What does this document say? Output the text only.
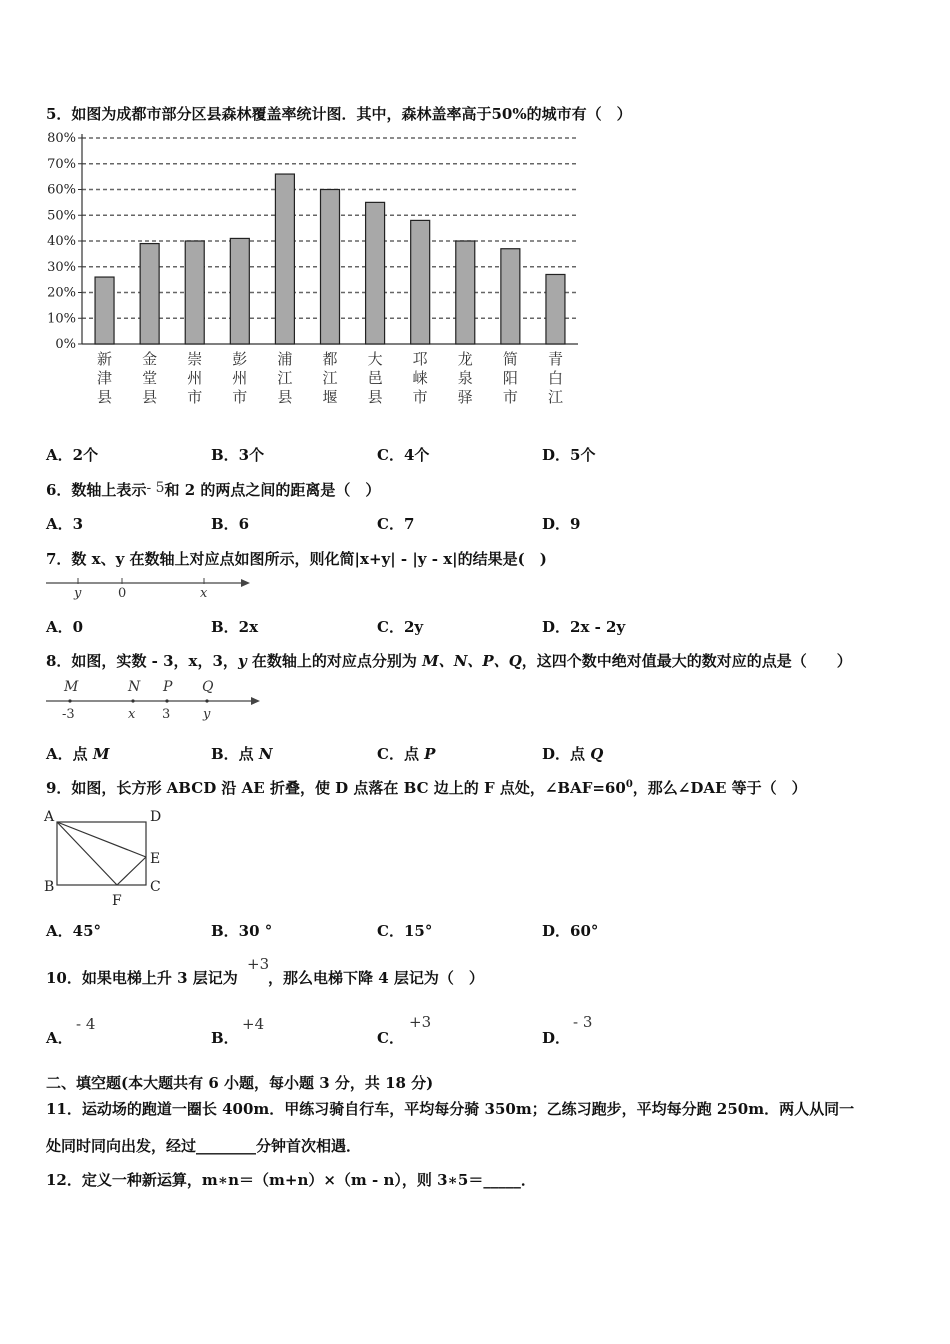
5．如图为成都市部分区县森林覆盖率统计图．其中，森林盖率高于50%的城市有（　）
80%
70%
60%
50%
40%
30%
20%
10%
0%
新
津
县
金
堂
县
崇
州
市
彭
州
市
浦
江
县
都
江
堰
大
邑
县
邛
崃
市
龙
泉
驿
简
阳
市
青
白
江
A．2个	B．3个	C．4个	D．5个
6．数轴上表示- 5和 2 的两点之间的距离是（　）
A．3	B．6	C．7	D．9
7．数 x、y 在数轴上对应点如图所示，则化简|x+y| - |y - x|的结果是(　)
y	0	x
A．0	B．2x	C．2y	D．2x - 2y
8．如图，实数 - 3，x，3，y 在数轴上的对应点分别为 M、N、P、Q，这四个数中绝对值最大的数对应的点是（　　）
M	N P Q
-3	x 3	y
A．点 M	B．点 N	C．点 P	D．点 Q
9．如图，长方形 ABCD 沿 AE 折叠，使 D 点落在 BC 边上的 F 点处，$\angle BAF=60^0$，那么∠DAE 等于（　）
A	D
E
B
F
C
A．45°	B．30 °	C．15°	D．60°
10．如果电梯上升 3 层记为
+3
，那么电梯下降 4 层记为（　）
A．
- 4
B．
+4
C．
+3
D．
- 3
二、填空题(本大题共有 6 小题，每小题 3 分，共 18 分)
11．运动场的跑道一圈长 400m．甲练习骑自行车，平均每分骑 350m；乙练习跑步，平均每分跑 250m．两人从同一
处同时同向出发，经过________分钟首次相遇．
12．定义一种新运算，m∗n＝（m+n）×（m - n），则 3∗5＝_____．
